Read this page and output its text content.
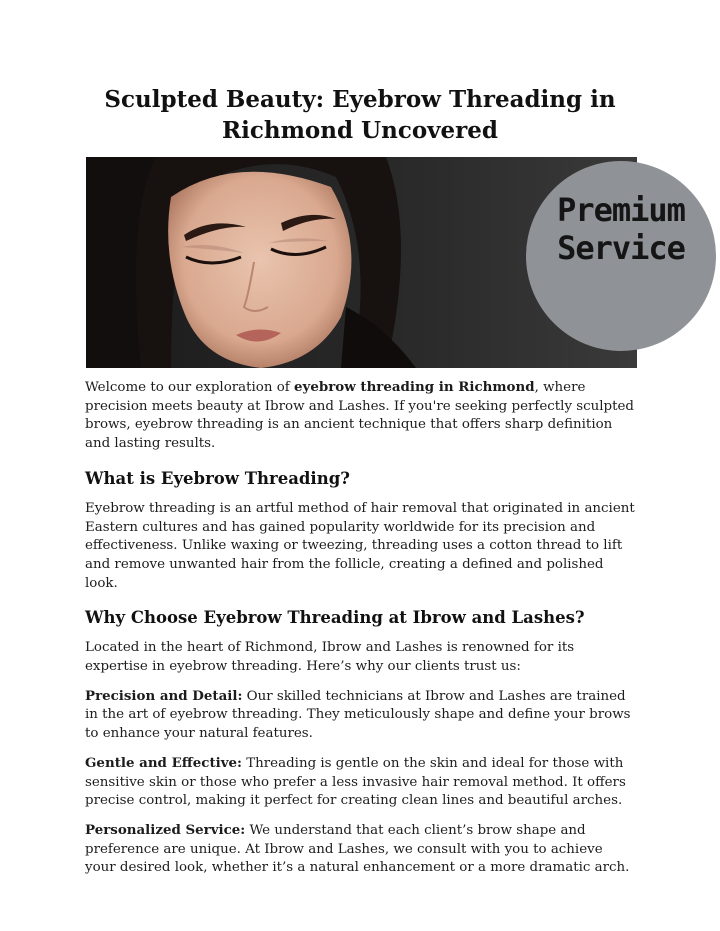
Sculpted Beauty: Eyebrow Threading in Richmond Uncovered
Premium
Service

Welcome to our exploration of eyebrow threading in Richmond, where precision meets beauty at Ibrow and Lashes. If you're seeking perfectly sculpted brows, eyebrow threading is an ancient technique that offers sharp definition and lasting results.

What is Eyebrow Threading?

Eyebrow threading is an artful method of hair removal that originated in ancient Eastern cultures and has gained popularity worldwide for its precision and effectiveness. Unlike waxing or tweezing, threading uses a cotton thread to lift and remove unwanted hair from the follicle, creating a defined and polished look.

Why Choose Eyebrow Threading at Ibrow and Lashes?

Located in the heart of Richmond, Ibrow and Lashes is renowned for its expertise in eyebrow threading. Here’s why our clients trust us:

Precision and Detail: Our skilled technicians at Ibrow and Lashes are trained in the art of eyebrow threading. They meticulously shape and define your brows to enhance your natural features.

Gentle and Effective: Threading is gentle on the skin and ideal for those with sensitive skin or those who prefer a less invasive hair removal method. It offers precise control, making it perfect for creating clean lines and beautiful arches.

Personalized Service: We understand that each client’s brow shape and preference are unique. At Ibrow and Lashes, we consult with you to achieve your desired look, whether it’s a natural enhancement or a more dramatic arch.
